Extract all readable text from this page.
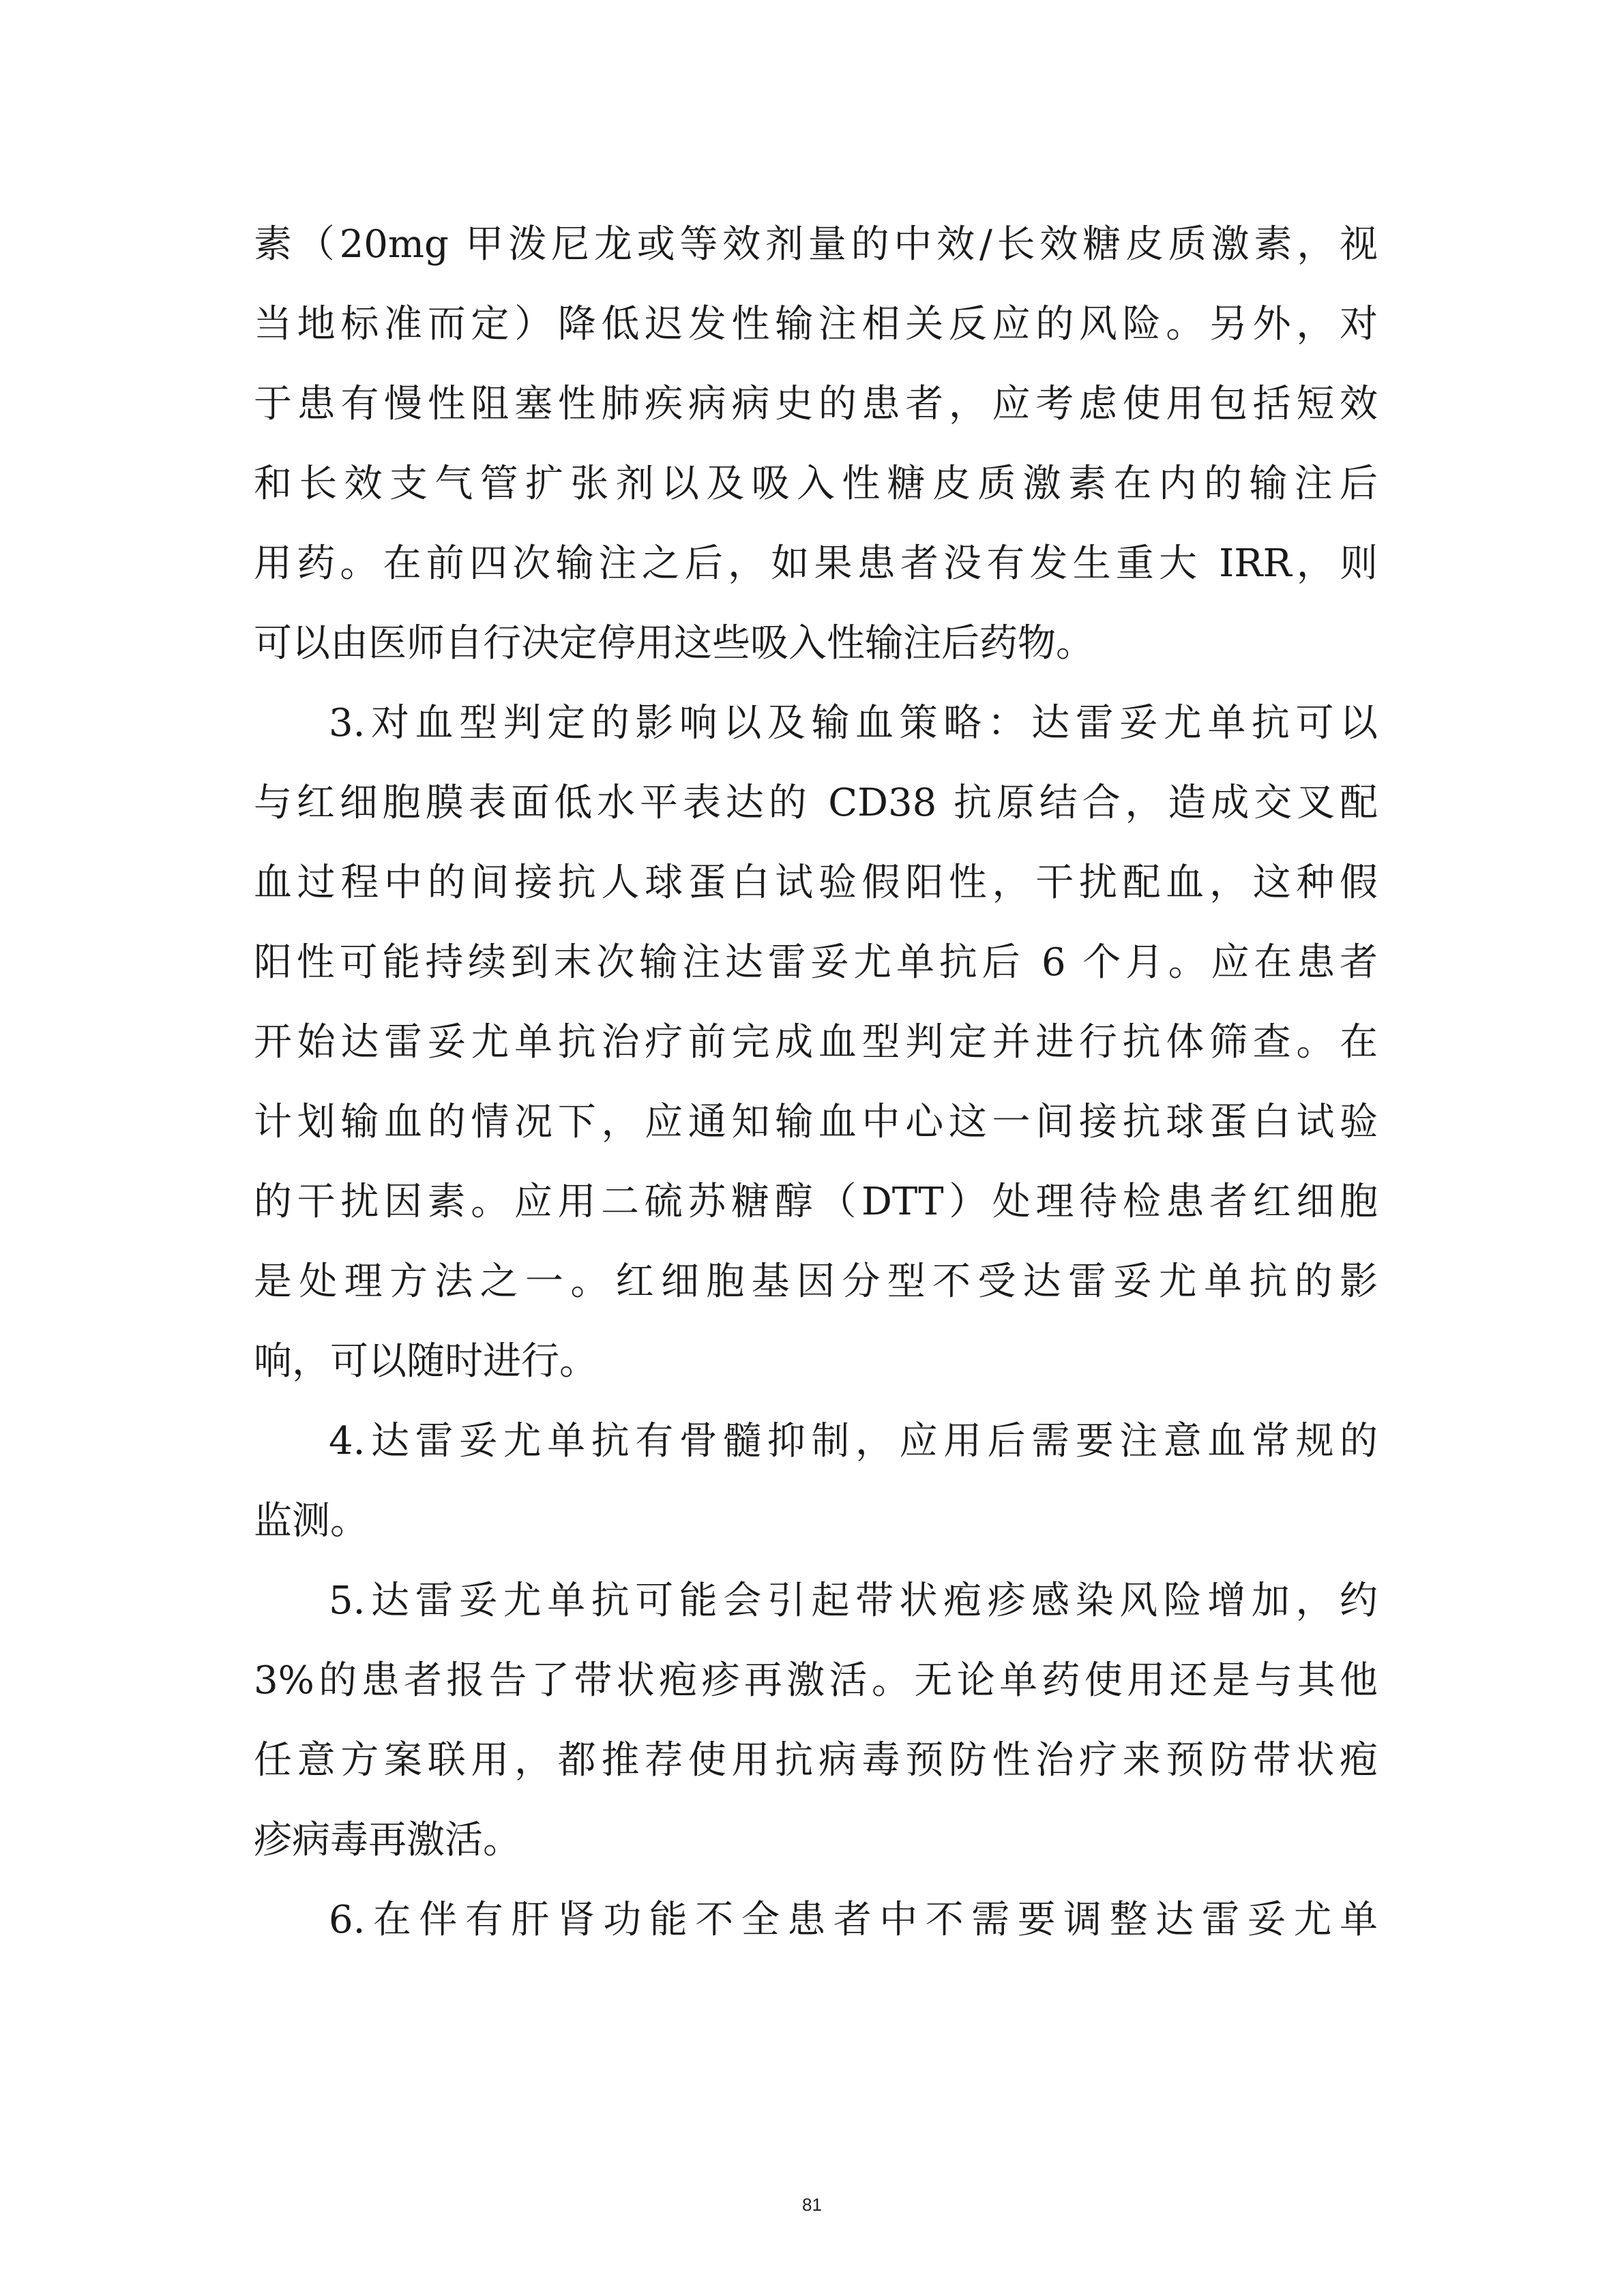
素（20mg 甲泼尼龙或等效剂量的中效/长效糖皮质激素，视
当地标准而定）降低迟发性输注相关反应的风险。另外，对
于患有慢性阻塞性肺疾病病史的患者，应考虑使用包括短效
和长效支气管扩张剂以及吸入性糖皮质激素在内的输注后
用药。在前四次输注之后，如果患者没有发生重大 IRR，则
可以由医师自行决定停用这些吸入性输注后药物。
3.对血型判定的影响以及输血策略：达雷妥尤单抗可以
与红细胞膜表面低水平表达的 CD38 抗原结合，造成交叉配
血过程中的间接抗人球蛋白试验假阳性，干扰配血，这种假
阳性可能持续到末次输注达雷妥尤单抗后 6 个月。应在患者
开始达雷妥尤单抗治疗前完成血型判定并进行抗体筛查。在
计划输血的情况下，应通知输血中心这一间接抗球蛋白试验
的干扰因素。应用二硫苏糖醇（DTT）处理待检患者红细胞
是处理方法之一。红细胞基因分型不受达雷妥尤单抗的影
响，可以随时进行。
4.达雷妥尤单抗有骨髓抑制，应用后需要注意血常规的
监测。
5.达雷妥尤单抗可能会引起带状疱疹感染风险增加，约
3%的患者报告了带状疱疹再激活。无论单药使用还是与其他
任意方案联用，都推荐使用抗病毒预防性治疗来预防带状疱
疹病毒再激活。
6.在伴有肝肾功能不全患者中不需要调整达雷妥尤单
81
